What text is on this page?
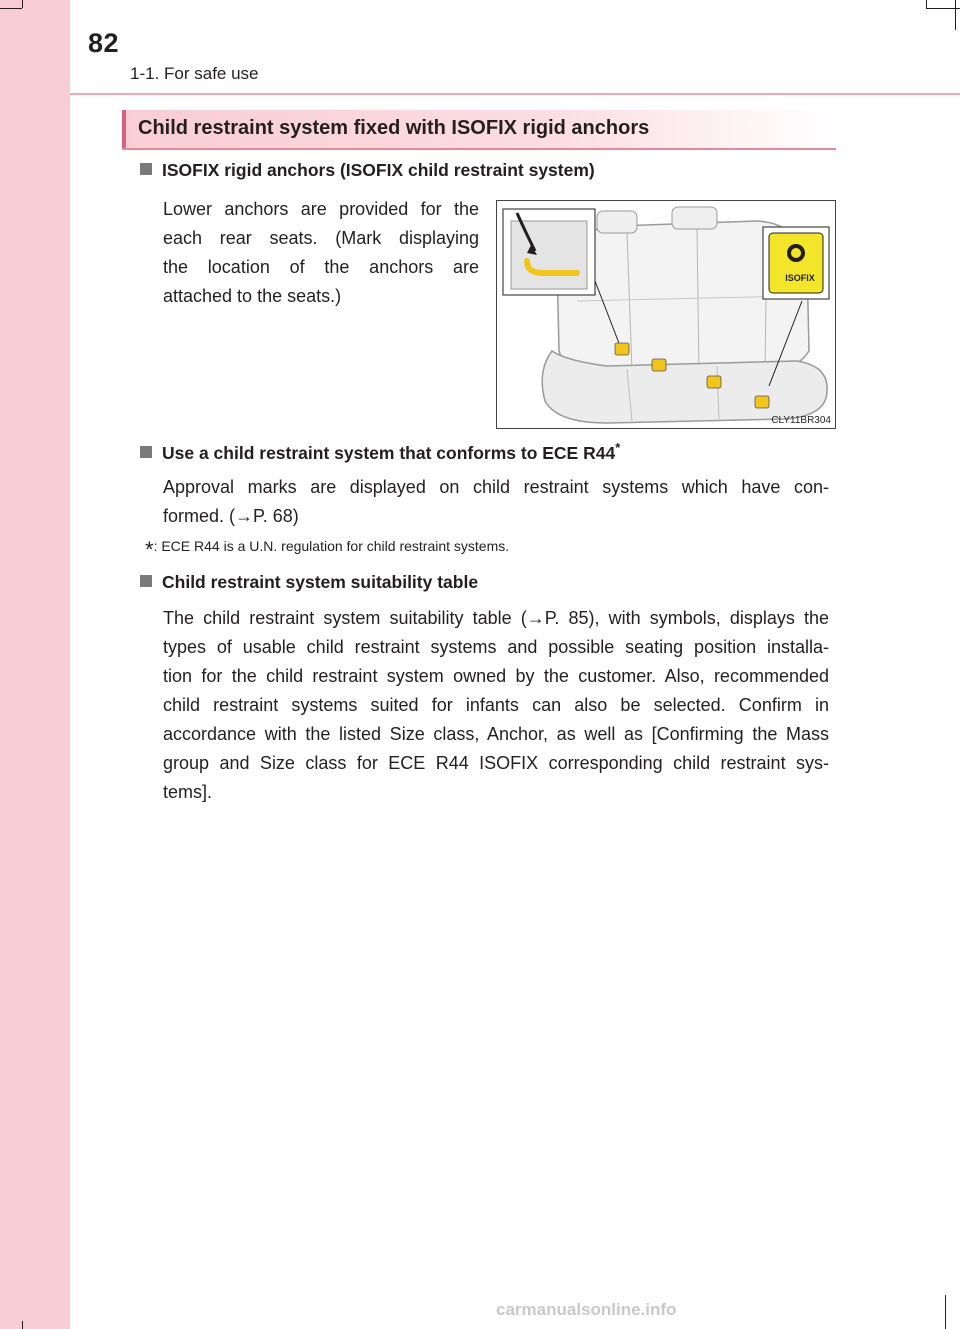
82
1-1. For safe use
Child restraint system fixed with ISOFIX rigid anchors
ISOFIX rigid anchors (ISOFIX child restraint system)
Lower anchors are provided for the
each rear seats. (Mark displaying
the location of the anchors are
attached to the seats.)
ISOFIX
CLY11BR304
Use a child restraint system that conforms to ECE R44*
Approval marks are displayed on child restraint systems which have con-
formed. (→P. 68)
*: ECE R44 is a U.N. regulation for child restraint systems.
Child restraint system suitability table
The child restraint system suitability table (→P. 85), with symbols, displays the
types of usable child restraint systems and possible seating position installa-
tion for the child restraint system owned by the customer. Also, recommended
child restraint systems suited for infants can also be selected. Confirm in
accordance with the listed Size class, Anchor, as well as [Confirming the Mass
group and Size class for ECE R44 ISOFIX corresponding child restraint sys-
tems].
carmanualsonline.info
